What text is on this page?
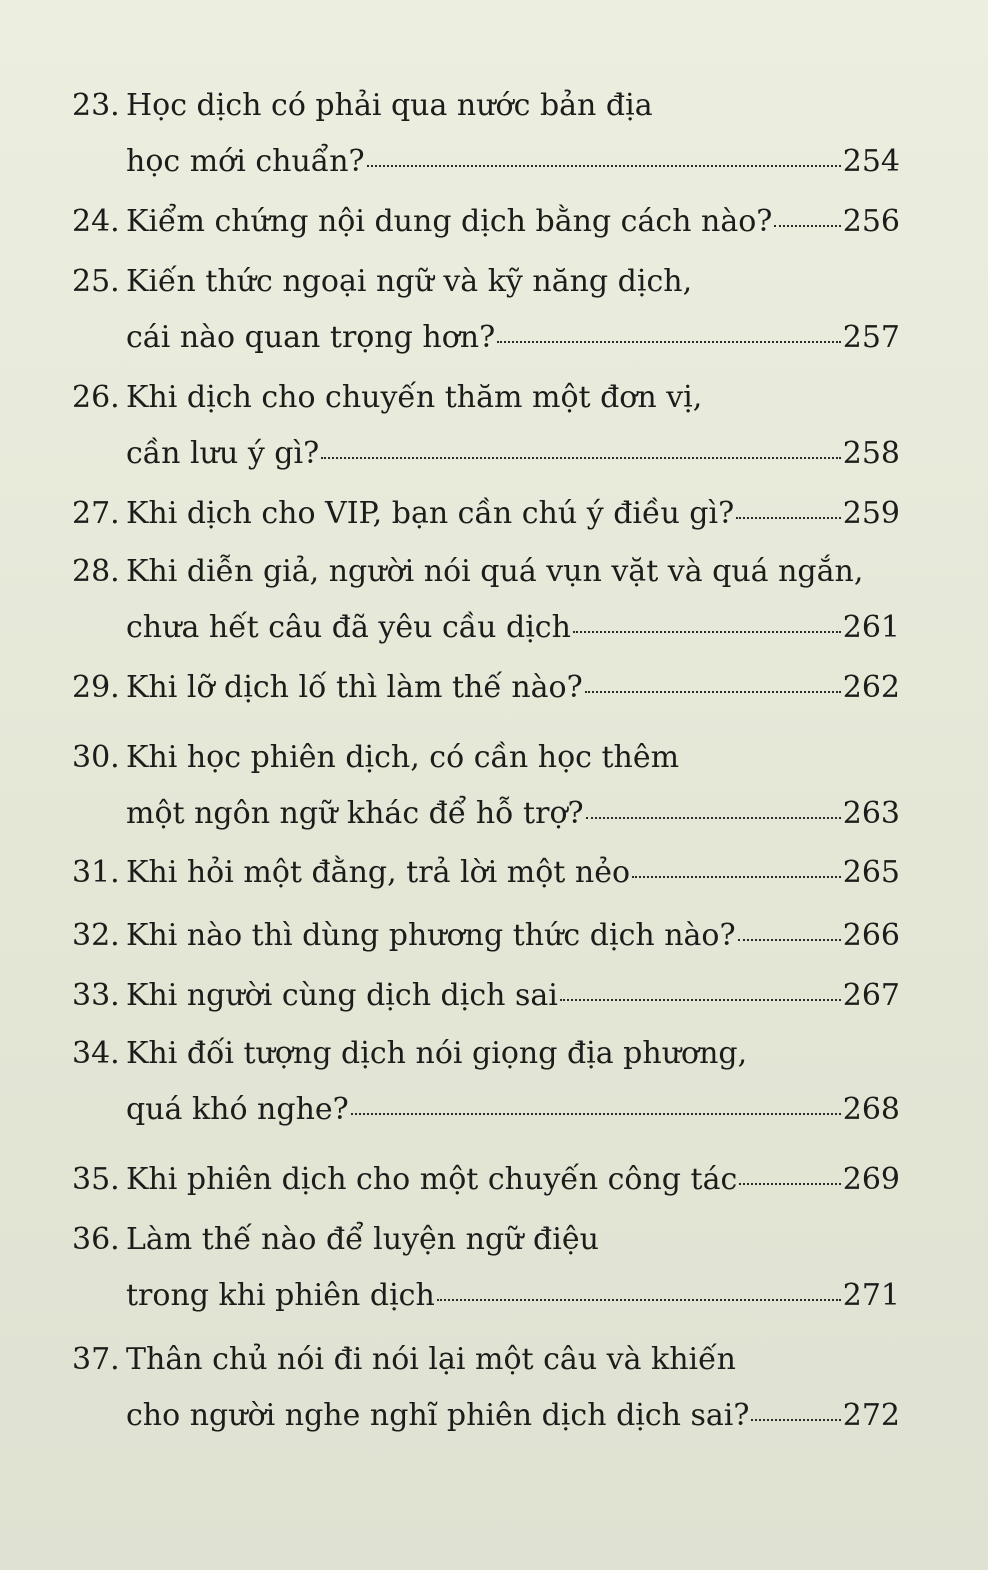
23. Học dịch có phải qua nước bản địa
học mới chuẩn?	254
24. Kiểm chứng nội dung dịch bằng cách nào? 256
25. Kiến thức ngoại ngữ và kỹ năng dịch,
cái nào quan trọng hơn?	257
26. Khi dịch cho chuyến thăm một đơn vị,
cần lưu ý gì?	258
27. Khi dịch cho VIP, bạn cần chú ý điều gì?	259
28. Khi diễn giả, người nói quá vụn vặt và quá ngắn,
chưa hết câu đã yêu cầu dịch	261
29. Khi lỡ dịch lố thì làm thế nào?	262
30. Khi học phiên dịch, có cần học thêm
một ngôn ngữ khác để hỗ trợ?	263
31. Khi hỏi một đằng, trả lời một nẻo	265
32. Khi nào thì dùng phương thức dịch nào?	266
33. Khi người cùng dịch dịch sai	267
34. Khi đối tượng dịch nói giọng địa phương,
quá khó nghe?	268
35. Khi phiên dịch cho một chuyến công tác	269
36. Làm thế nào để luyện ngữ điệu
trong khi phiên dịch	271
37. Thân chủ nói đi nói lại một câu và khiến
cho người nghe nghĩ phiên dịch dịch sai?	272
